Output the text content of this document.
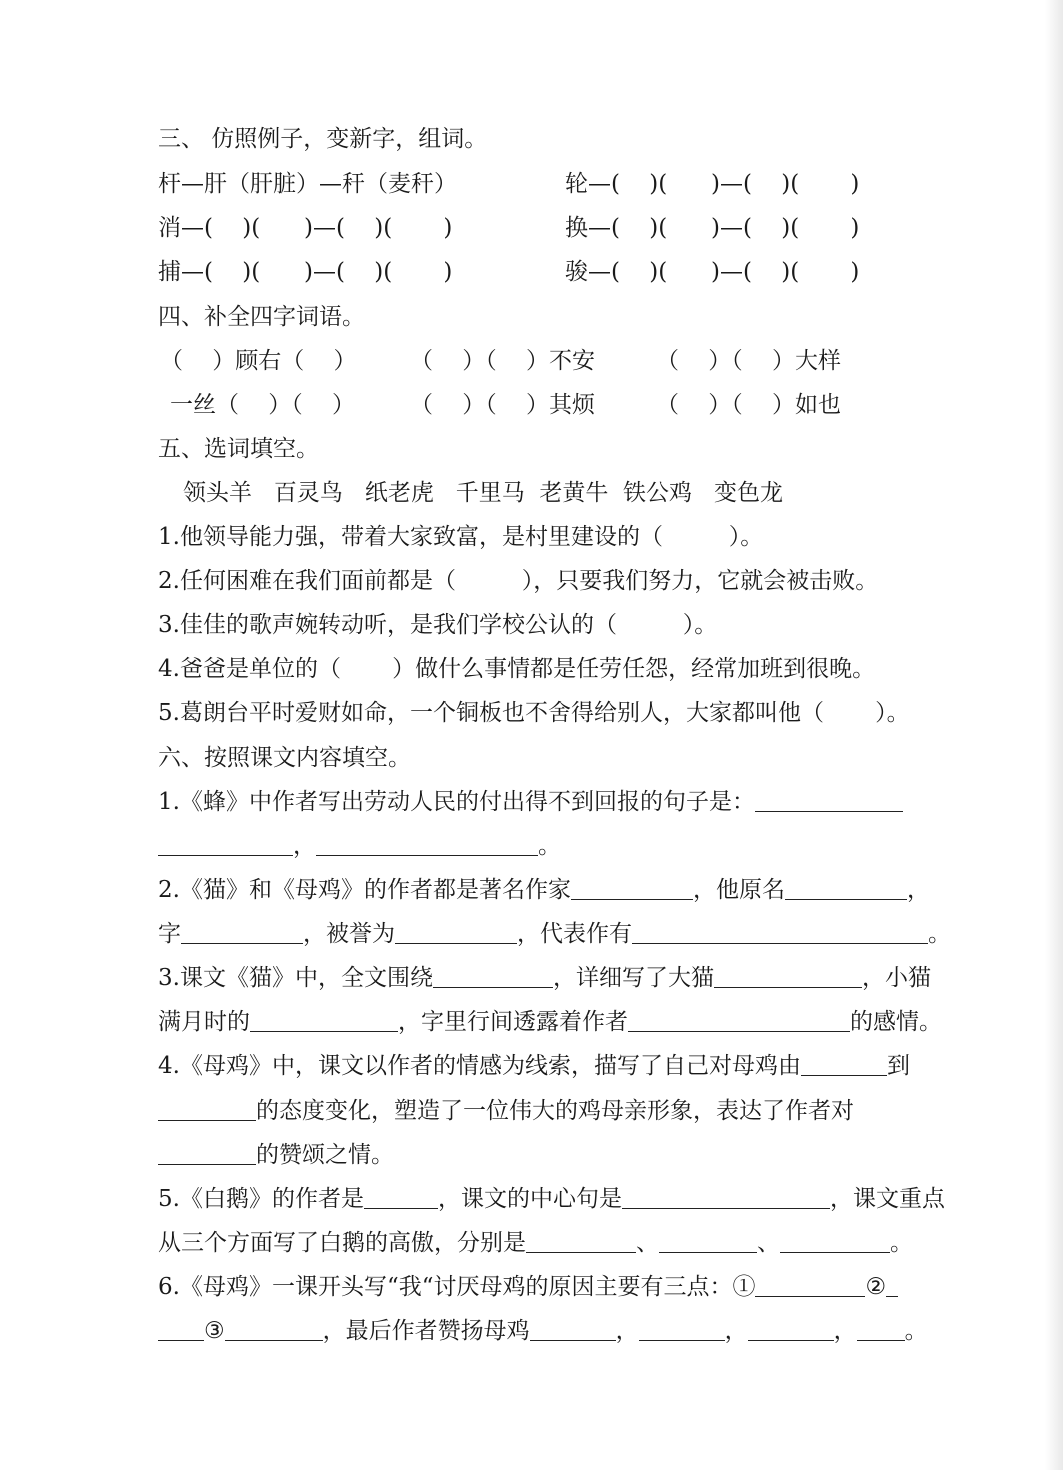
三、 仿照例子，变新字，组词。
杆—肝（肝脏）—秆（麦秆）	轮—(    )(      )—(    )(       )
消—(    )(      )—(    )(       )	换—(    )(      )—(    )(       )
捕—(    )(      )—(    )(       )	骏—(    )(      )—(    )(       )
四、补全四字词语。
（    ）顾右（    ） （    ）（    ）不安	（    ）（    ）大样
一丝（    ）（    ） （    ）（    ）其烦	（    ）（    ）如也
五、选词填空。
领头羊   百灵鸟   纸老虎   千里马  老黄牛  铁公鸡   变色龙
1.他领导能力强，带着大家致富，是村里建设的（         ）。
2.任何困难在我们面前都是（         ），只要我们努力，它就会被击败。
3.佳佳的歌声婉转动听，是我们学校公认的（         ）。
4.爸爸是单位的（       ）做什么事情都是任劳任怨，经常加班到很晚。
5.葛朗台平时爱财如命，一个铜板也不舍得给别人，大家都叫他（       ）。
六、按照课文内容填空。
1.《蜂》中作者写出劳动人民的付出得不到回报的句子是：
，	。
2.《猫》和《母鸡》的作者都是著名作家	，他原名	，
字	，被誉为	，代表作有	。
3.课文《猫》中，全文围绕	，详细写了大猫	，小猫
满月时的	，字里行间透露着作者	的感情。
4.《母鸡》中，课文以作者的情感为线索，描写了自己对母鸡由	到
的态度变化，塑造了一位伟大的鸡母亲形象，表达了作者对
的赞颂之情。
5.《白鹅》的作者是	，课文的中心句是	，课文重点
从三个方面写了白鹅的高傲，分别是	、	、	。
6.《母鸡》一课开头写“我“讨厌母鸡的原因主要有三点：①	②
③	，最后作者赞扬母鸡	，	，	， 。
